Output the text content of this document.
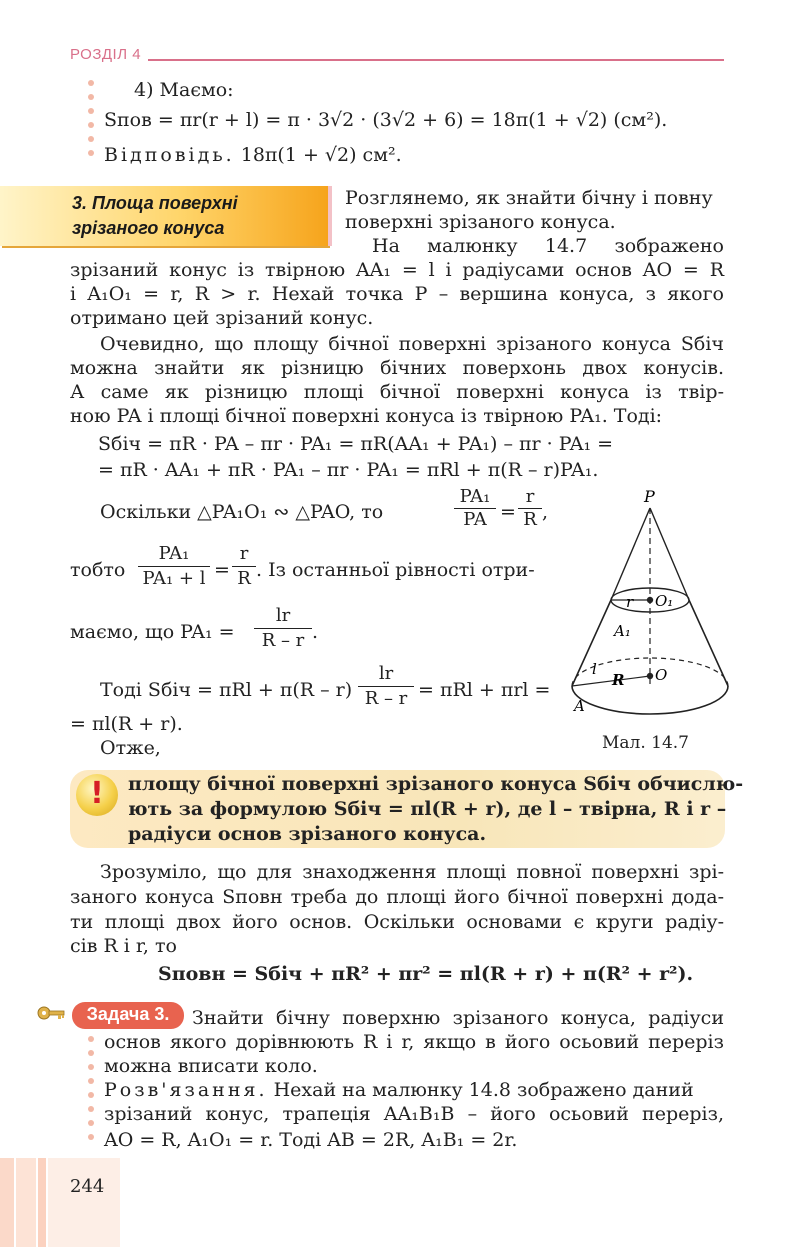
РОЗДІЛ 4
4) Маємо:
Sпов = πr(r + l) = π · 3√2 · (3√2 + 6) = 18π(1 + √2) (см²).
Відповідь. 18π(1 + √2) см².
3. Площа поверхні
зрізаного конуса
Розглянемо, як знайти бічну і повну
поверхні зрізаного конуса.
На малюнку 14.7 зображено
зрізаний конус із твірною AA₁ = l і радіусами основ AO = R
і A₁O₁ = r, R > r. Нехай точка P – вершина конуса, з якого
отримано цей зрізаний конус.
Очевидно, що площу бічної поверхні зрізаного конуса Sбіч
можна знайти як різницю бічних поверхонь двох конусів.
А саме як різницю площі бічної поверхні конуса із твір-
ною PA і площі бічної поверхні конуса із твірною PA₁. Тоді:
Sбіч = πR · PA – πr · PA₁ = πR(AA₁ + PA₁) – πr · PA₁ =
= πR · AA₁ + πR · PA₁ – πr · PA₁ = πRl + π(R – r)PA₁.
Оскільки △PA₁O₁ ∾ △PAO, то
PA₁
PA =
r
R ,
тобто
PA₁
PA₁ + l =
r
R . Із останньої рівності отри-
маємо, що PA₁ =
lr
R – r .
Тоді Sбіч = πRl + π(R – r)
lr
R – r = πRl + πrl =
= πl(R + r).
Отже,
P
O₁
r
A₁
l
R O
A
Мал. 14.7
!	площу бічної поверхні зрізаного конуса Sбіч обчислю-
ють за формулою Sбіч = πl(R + r), де l – твірна, R і r –
радіуси основ зрізаного конуса.
Зрозуміло, що для знаходження площі повної поверхні зрі-
заного конуса Sповн треба до площі його бічної поверхні дода-
ти площі двох його основ. Оскільки основами є круги радіу-
сів R і r, то
Sповн = Sбіч + πR² + πr² = πl(R + r) + π(R² + r²).
Задача 3.	Знайти бічну поверхню зрізаного конуса, радіуси
основ якого дорівнюють R і r, якщо в його осьовий переріз
можна вписати коло.
Розв'язання. Нехай на малюнку 14.8 зображено даний
зрізаний конус, трапеція AA₁B₁B – його осьовий переріз,
AO = R, A₁O₁ = r. Тоді AB = 2R, A₁B₁ = 2r.
244
